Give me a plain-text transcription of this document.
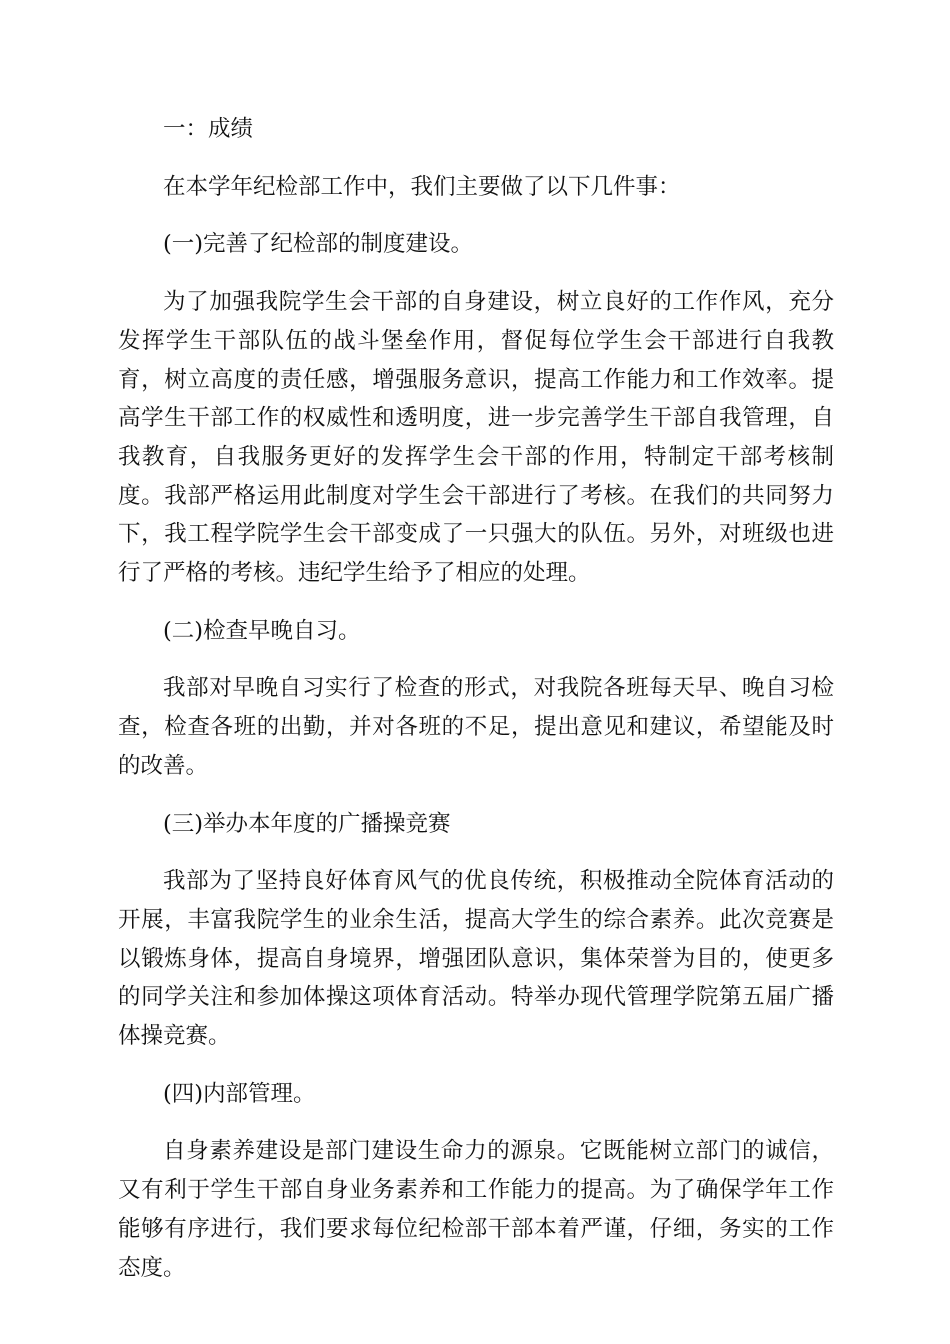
一：成绩

在本学年纪检部工作中，我们主要做了以下几件事：

(一)完善了纪检部的制度建设。

为了加强我院学生会干部的自身建设，树立良好的工作作风，充分发挥学生干部队伍的战斗堡垒作用，督促每位学生会干部进行自我教育，树立高度的责任感，增强服务意识，提高工作能力和工作效率。提高学生干部工作的权威性和透明度，进一步完善学生干部自我管理，自我教育，自我服务更好的发挥学生会干部的作用，特制定干部考核制度。我部严格运用此制度对学生会干部进行了考核。在我们的共同努力下，我工程学院学生会干部变成了一只强大的队伍。另外，对班级也进行了严格的考核。违纪学生给予了相应的处理。

(二)检查早晚自习。

我部对早晚自习实行了检查的形式，对我院各班每天早、晚自习检查，检查各班的出勤，并对各班的不足，提出意见和建议，希望能及时的改善。

(三)举办本年度的广播操竞赛

我部为了坚持良好体育风气的优良传统，积极推动全院体育活动的开展，丰富我院学生的业余生活，提高大学生的综合素养。此次竞赛是以锻炼身体，提高自身境界，增强团队意识，集体荣誉为目的，使更多的同学关注和参加体操这项体育活动。特举办现代管理学院第五届广播体操竞赛。

(四)内部管理。

自身素养建设是部门建设生命力的源泉。它既能树立部门的诚信，又有利于学生干部自身业务素养和工作能力的提高。为了确保学年工作能够有序进行，我们要求每位纪检部干部本着严谨，仔细，务实的工作态度。
